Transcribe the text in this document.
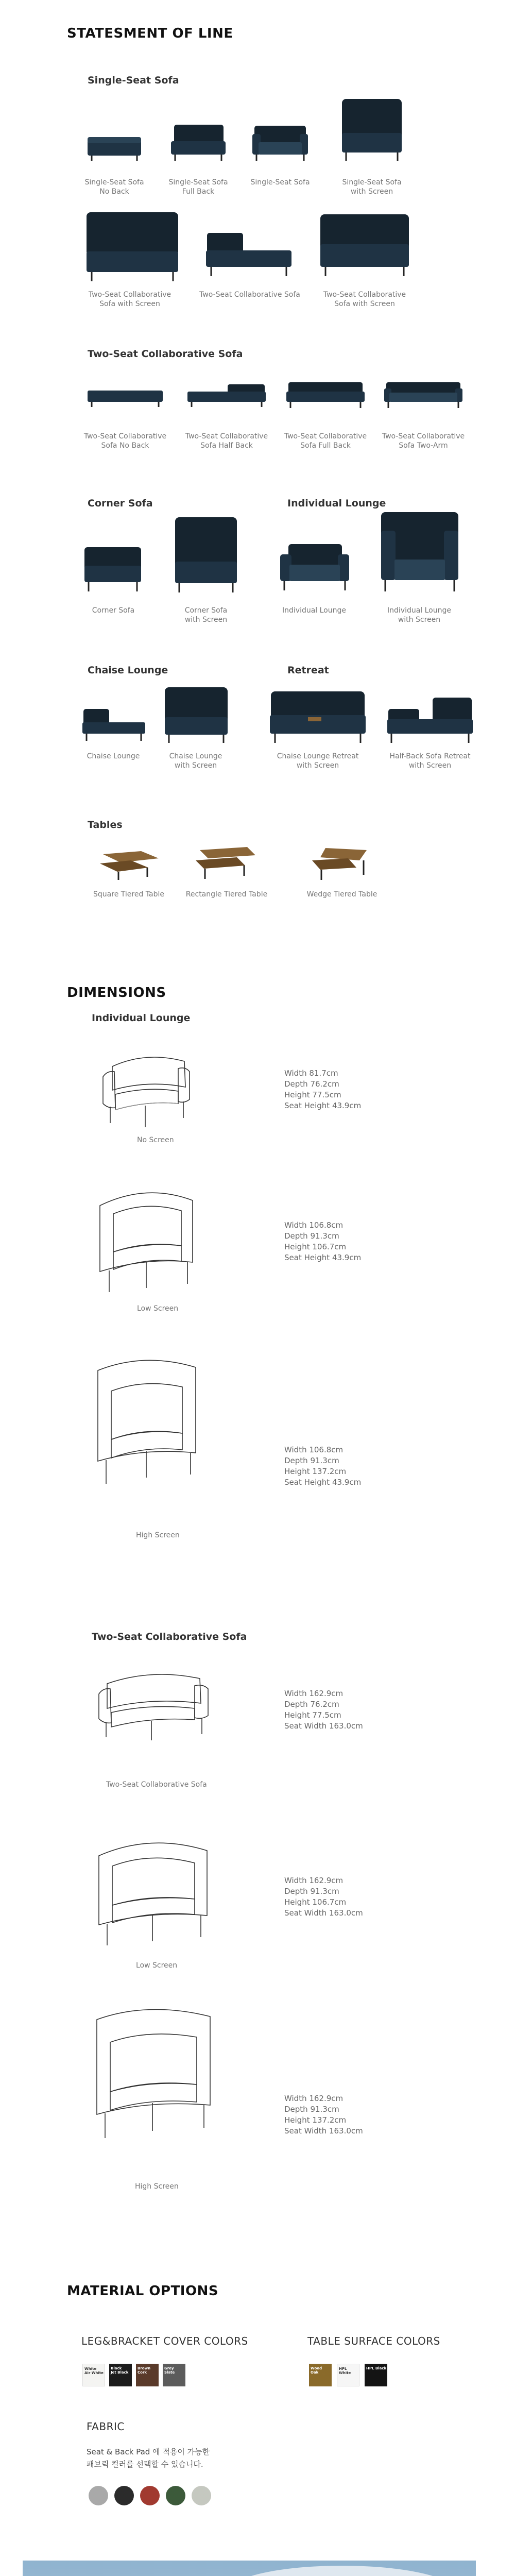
STATESMENT OF LINE
Single-Seat Sofa
Single-Seat Sofa
No Back
Single-Seat Sofa
Full Back
Single-Seat Sofa	Single-Seat Sofa
with Screen
Two-Seat Collaborative
Sofa with Screen
Two-Seat Collaborative Sofa	Two-Seat Collaborative
Sofa with Screen
Two-Seat Collaborative Sofa
Two-Seat Collaborative
Sofa No Back
Two-Seat Collaborative
Sofa Half Back
Two-Seat Collaborative
Sofa Full Back
Two-Seat Collaborative
Sofa Two-Arm
Corner Sofa	Individual Lounge
Corner Sofa	Corner Sofa
with Screen
Individual Lounge	Individual Lounge
with Screen
Chaise Lounge	Retreat
Chaise Lounge	Chaise Lounge
with Screen
Chaise Lounge Retreat
with Screen
Half-Back Sofa Retreat
with Screen
Tables
Square Tiered Table	Rectangle Tiered Table	Wedge Tiered Table
DIMENSIONS
Individual Lounge
No Screen
Width 81.7cm
Depth 76.2cm
Height 77.5cm
Seat Height 43.9cm
Low Screen
Width 106.8cm
Depth 91.3cm
Height 106.7cm
Seat Height 43.9cm
High Screen
Width 106.8cm
Depth 91.3cm
Height 137.2cm
Seat Height 43.9cm
Two-Seat Collaborative Sofa
Two-Seat Collaborative Sofa
Width 162.9cm
Depth 76.2cm
Height 77.5cm
Seat Width 163.0cm
Low Screen
Width 162.9cm
Depth 91.3cm
Height 106.7cm
Seat Width 163.0cm
High Screen
Width 162.9cm
Depth 91.3cm
Height 137.2cm
Seat Width 163.0cm
MATERIAL OPTIONS
LEG&BRACKET COVER COLORS	TABLE SURFACE COLORS
White
Air White
Black
Jet Black
Brown
Cork
Grey
Slate
Wood
Oak
HPL White
HPL Black
FABRIC
Seat & Back Pad 에 적용이 가능한
패브릭 컬러를 선택할 수 있습니다.
